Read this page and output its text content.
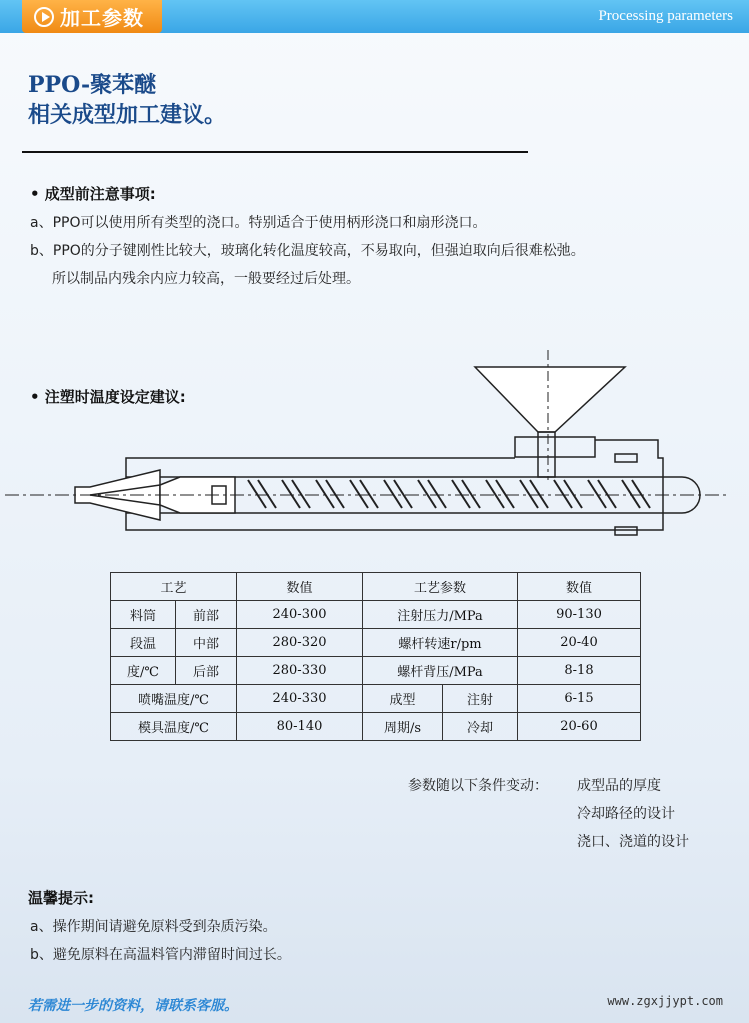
加工参数	Processing parameters
PPO-聚苯醚
相关成型加工建议。
• 成型前注意事项:
a、PPO可以使用所有类型的浇口。特别适合于使用柄形浇口和扇形浇口。
b、PPO的分子键刚性比较大，玻璃化转化温度较高，不易取向，但强迫取向后很难松弛。
所以制品内残余内应力较高，一般要经过后处理。
• 注塑时温度设定建议:
工艺		数值	工艺参数		数值
料筒	前部	240-300	注射压力/MPa		90-130
段温	中部	280-320	螺杆转速r/pm		20-40
度/℃	后部	280-330	螺杆背压/MPa		8-18
喷嘴温度/℃		240-330	成型	注射	6-15
模具温度/℃		80-140	周期/s	冷却	20-60
参数随以下条件变动： 成型品的厚度
冷却路径的设计
浇口、浇道的设计
温馨提示:
a、操作期间请避免原料受到杂质污染。
b、避免原料在高温料管内滞留时间过长。
若需进一步的资料，请联系客服。	www.zgxjjypt.com
